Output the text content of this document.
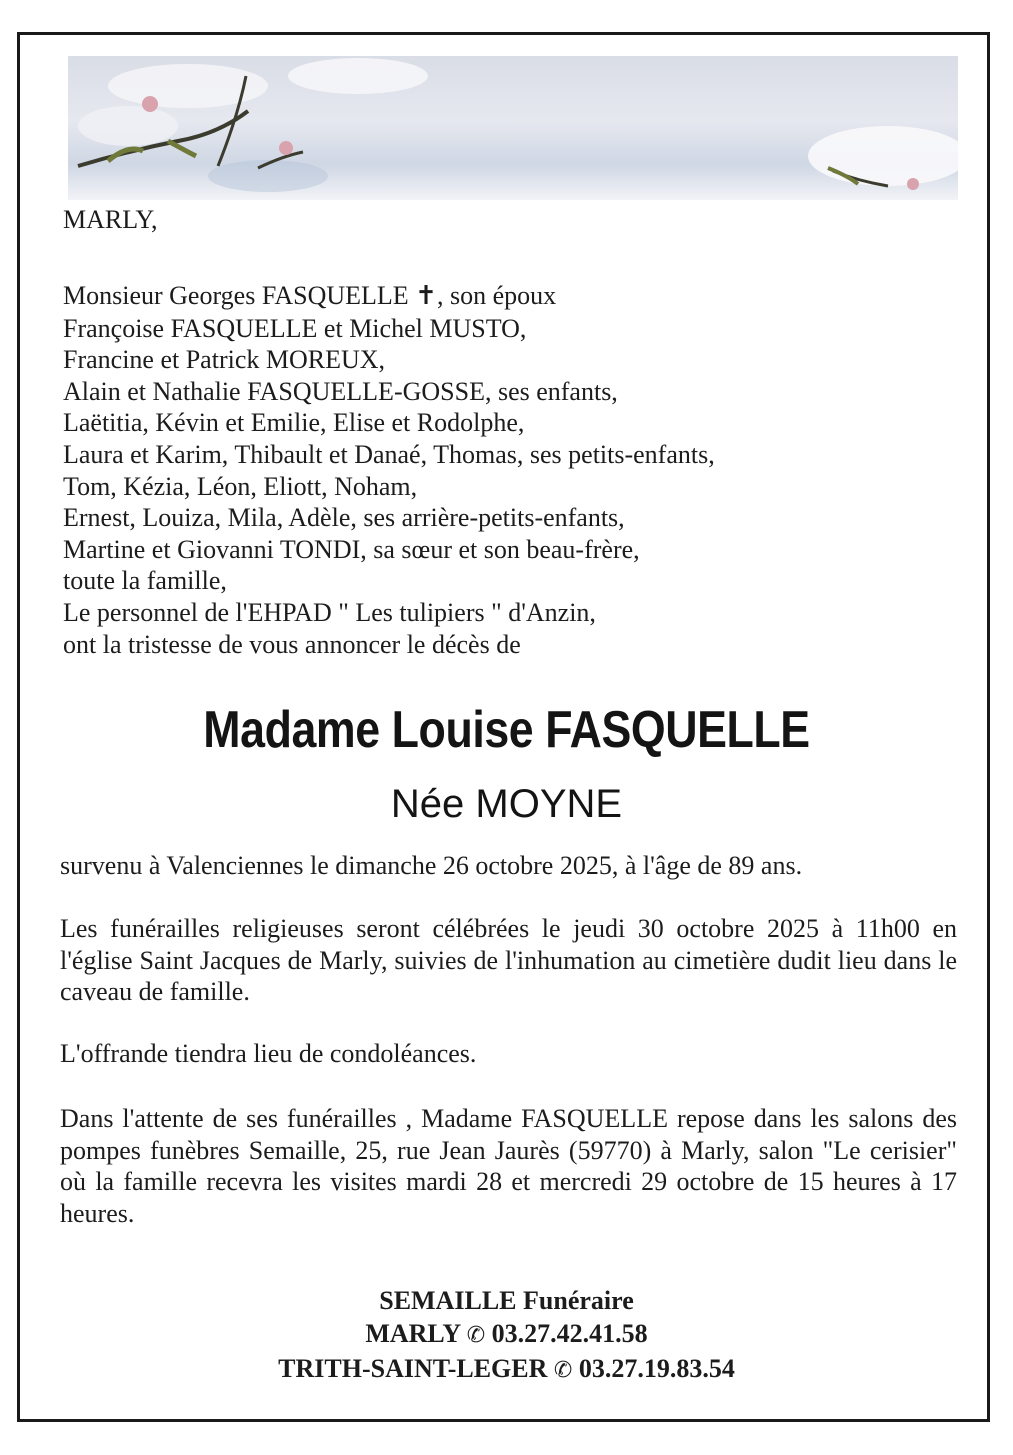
MARLY,
Monsieur Georges FASQUELLE ✝, son époux
Françoise FASQUELLE et Michel MUSTO,
Francine et Patrick MOREUX,
Alain et Nathalie FASQUELLE-GOSSE, ses enfants,
Laëtitia, Kévin et Emilie, Elise et Rodolphe,
Laura et Karim, Thibault et Danaé, Thomas, ses petits-enfants,
Tom, Kézia, Léon, Eliott, Noham,
Ernest, Louiza, Mila, Adèle, ses arrière-petits-enfants,
Martine et Giovanni TONDI, sa sœur et son beau-frère,
toute la famille,
Le personnel de l'EHPAD " Les tulipiers " d'Anzin,
ont la tristesse de vous annoncer le décès de
Madame Louise FASQUELLE
Née MOYNE
survenu à Valenciennes le dimanche 26 octobre 2025, à l'âge de 89 ans.
Les funérailles religieuses seront célébrées le jeudi 30 octobre 2025 à 11h00 en l'église Saint Jacques de Marly, suivies de l'inhumation au cimetière dudit lieu dans le caveau de famille.
L'offrande tiendra lieu de condoléances.
Dans l'attente de ses funérailles , Madame FASQUELLE repose dans les salons des pompes funèbres Semaille, 25, rue Jean Jaurès (59770) à Marly, salon "Le cerisier" où la famille recevra les visites mardi 28 et mercredi 29 octobre de 15 heures à 17 heures.
SEMAILLE Funéraire
MARLY ✆ 03.27.42.41.58
TRITH-SAINT-LEGER ✆ 03.27.19.83.54
